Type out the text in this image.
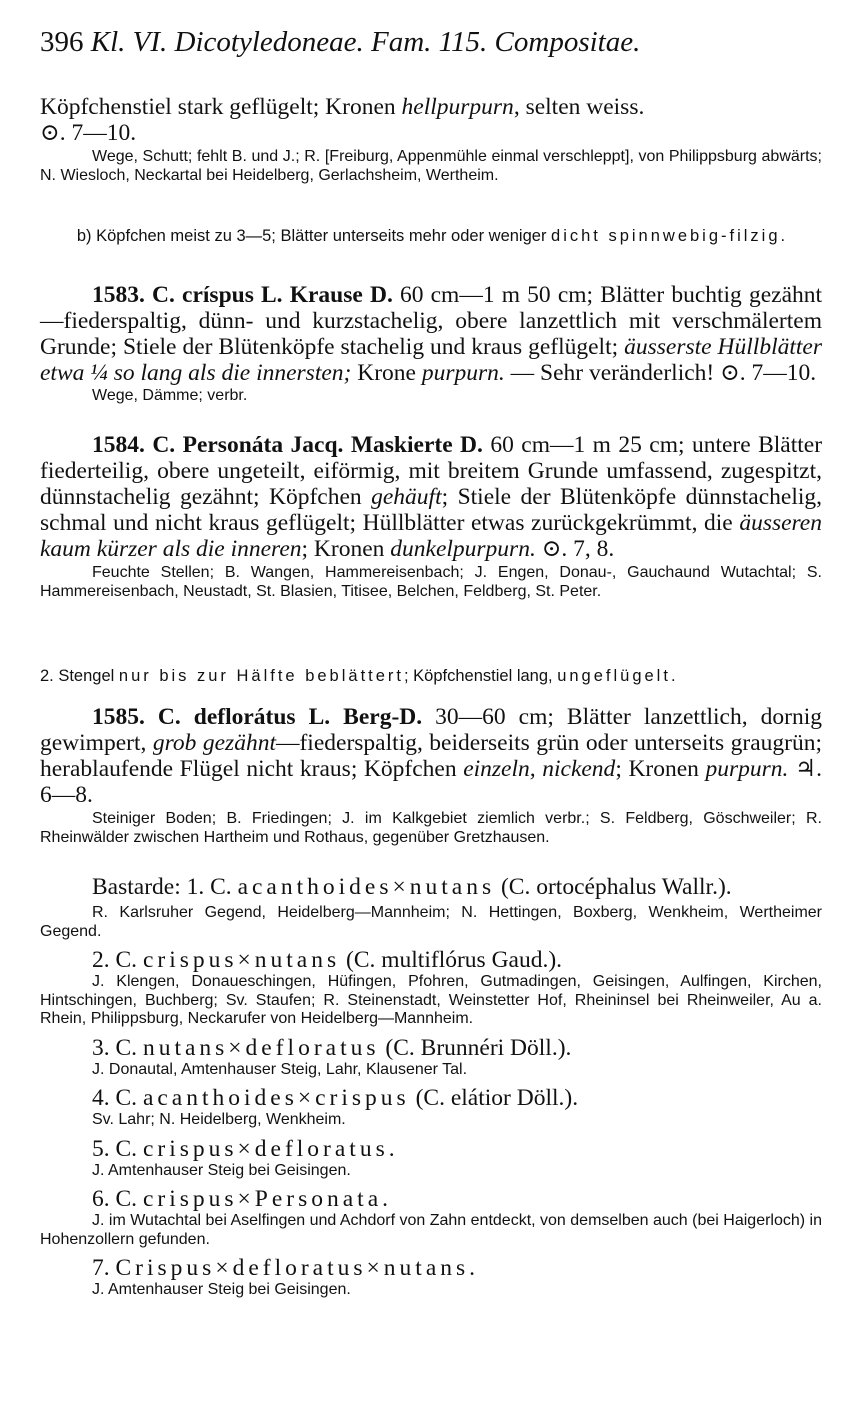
396 Kl. VI. Dicotyledoneae. Fam. 115. Compositae.

Köpfchenstiel stark geflügelt; Kronen hellpurpurn, selten weiss.
⊙. 7—10.

Wege, Schutt; fehlt B. und J.; R. [Freiburg, Appenmühle einmal verschleppt], von Philippsburg abwärts; N. Wiesloch, Neckartal bei Heidelberg, Gerlachsheim, Wertheim.

b) Köpfchen meist zu 3—5; Blätter unterseits mehr oder weniger dicht spinnwebig-filzig.

1583. C. críspus L. Krause D. 60 cm—1 m 50 cm; Blätter buchtig gezähnt—fiederspaltig, dünn- und kurzstachelig, obere lanzettlich mit verschmälertem Grunde; Stiele der Blütenköpfe stachelig und kraus geflügelt; äusserste Hüllblätter etwa ¼ so lang als die innersten; Krone purpurn. — Sehr veränderlich! ⊙. 7—10.

Wege, Dämme; verbr.

1584. C. Personáta Jacq. Maskierte D. 60 cm—1 m 25 cm; untere Blätter fiederteilig, obere ungeteilt, eiförmig, mit breitem Grunde umfassend, zugespitzt, dünnstachelig gezähnt; Köpfchen gehäuft; Stiele der Blütenköpfe dünnstachelig, schmal und nicht kraus geflügelt; Hüllblätter etwas zurückgekrümmt, die äusseren kaum kürzer als die inneren; Kronen dunkelpurpurn. ⊙. 7, 8.

Feuchte Stellen; B. Wangen, Hammereisenbach; J. Engen, Donau-, Gauchaund Wutachtal; S. Hammereisenbach, Neustadt, St. Blasien, Titisee, Belchen, Feldberg, St. Peter.

2. Stengel nur bis zur Hälfte beblättert; Köpfchenstiel lang, ungeflügelt.

1585. C. deflorátus L. Berg-D. 30—60 cm; Blätter lanzettlich, dornig gewimpert, grob gezähnt—fiederspaltig, beiderseits grün oder unterseits graugrün; herablaufende Flügel nicht kraus; Köpfchen einzeln, nickend; Kronen purpurn. ♃. 6—8.

Steiniger Boden; B. Friedingen; J. im Kalkgebiet ziemlich verbr.; S. Feldberg, Göschweiler; R. Rheinwälder zwischen Hartheim und Rothaus, gegenüber Gretzhausen.

Bastarde: 1. C. acanthoides×nutans (C. ortocéphalus Wallr.).

R. Karlsruher Gegend, Heidelberg—Mannheim; N. Hettingen, Boxberg, Wenkheim, Wertheimer Gegend.

2. C. crispus×nutans (C. multiflórus Gaud.).

J. Klengen, Donaueschingen, Hüfingen, Pfohren, Gutmadingen, Geisingen, Aulfingen, Kirchen, Hintschingen, Buchberg; Sv. Staufen; R. Steinenstadt, Weinstetter Hof, Rheininsel bei Rheinweiler, Au a. Rhein, Philippsburg, Neckarufer von Heidelberg—Mannheim.

3. C. nutans×defloratus (C. Brunnéri Döll.).

J. Donautal, Amtenhauser Steig, Lahr, Klausener Tal.

4. C. acanthoides×crispus (C. elátior Döll.).

Sv. Lahr; N. Heidelberg, Wenkheim.

5. C. crispus×defloratus.

J. Amtenhauser Steig bei Geisingen.

6. C. crispus×Personata.

J. im Wutachtal bei Aselfingen und Achdorf von Zahn entdeckt, von demselben auch (bei Haigerloch) in Hohenzollern gefunden.

7. Crispus×defloratus×nutans.

J. Amtenhauser Steig bei Geisingen.
